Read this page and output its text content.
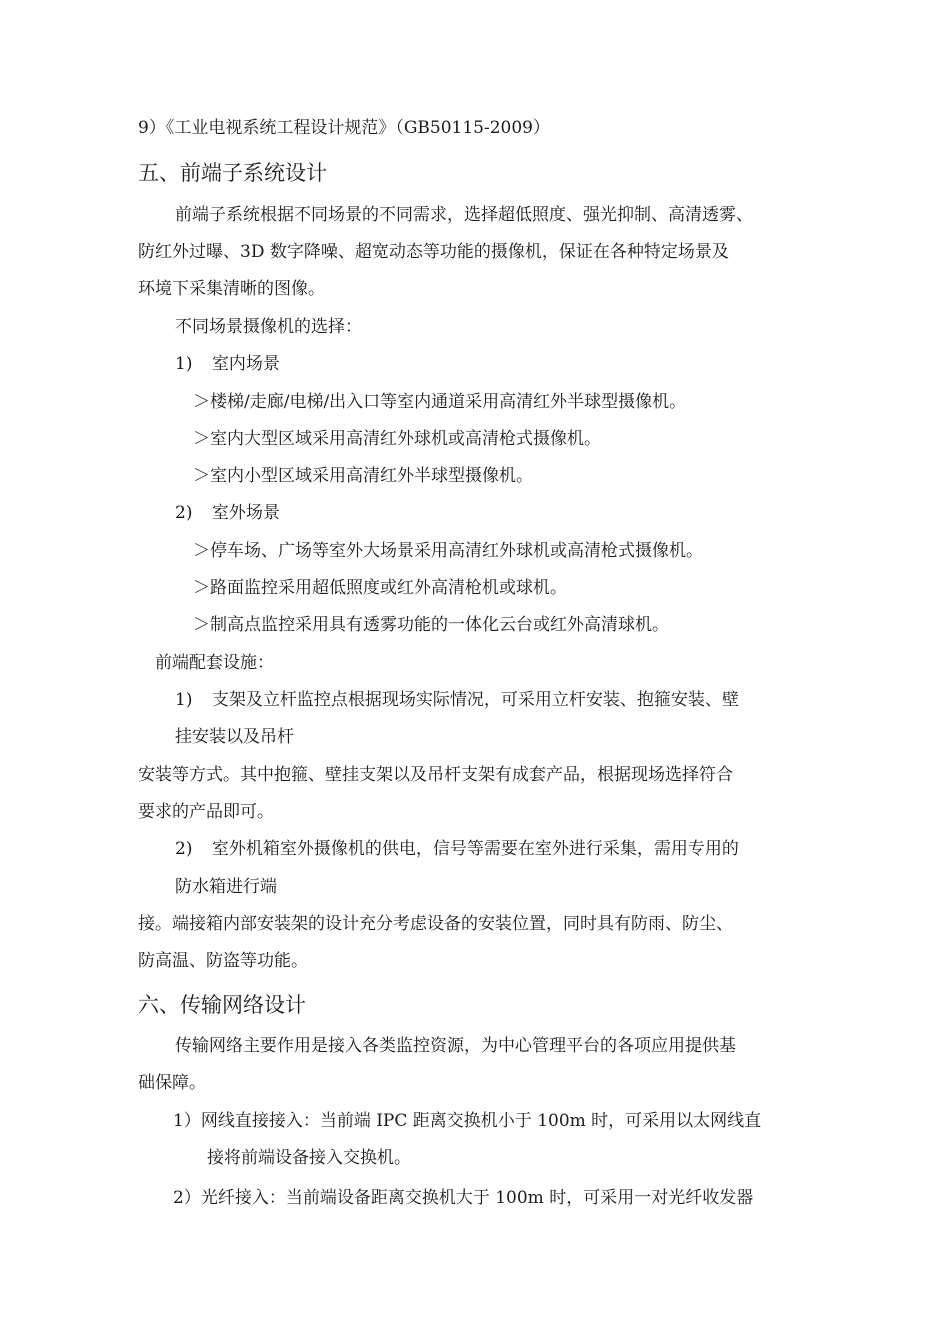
9）《工业电视系统工程设计规范》（GB50115-2009）
五、前端子系统设计
前端子系统根据不同场景的不同需求，选择超低照度、强光抑制、高清透雾、
防红外过曝、3D 数字降噪、超宽动态等功能的摄像机，保证在各种特定场景及
环境下采集清晰的图像。
不同场景摄像机的选择：
1) 室内场景
＞楼梯/走廊/电梯/出入口等室内通道采用高清红外半球型摄像机。
＞室内大型区域采用高清红外球机或高清枪式摄像机。
＞室内小型区域采用高清红外半球型摄像机。
2) 室外场景
＞停车场、广场等室外大场景采用高清红外球机或高清枪式摄像机。
＞路面监控采用超低照度或红外高清枪机或球机。
＞制高点监控采用具有透雾功能的一体化云台或红外高清球机。
前端配套设施：
1) 支架及立杆监控点根据现场实际情况，可采用立杆安装、抱箍安装、壁
挂安装以及吊杆
安装等方式。其中抱箍、壁挂支架以及吊杆支架有成套产品，根据现场选择符合
要求的产品即可。
2) 室外机箱室外摄像机的供电，信号等需要在室外进行采集，需用专用的
防水箱进行端
接。端接箱内部安装架的设计充分考虑设备的安装位置，同时具有防雨、防尘、
防高温、防盗等功能。
六、传输网络设计
传输网络主要作用是接入各类监控资源，为中心管理平台的各项应用提供基
础保障。
1）网线直接接入：当前端 IPC 距离交换机小于 100m 时，可采用以太网线直
接将前端设备接入交换机。
2）光纤接入：当前端设备距离交换机大于 100m 时，可采用一对光纤收发器
